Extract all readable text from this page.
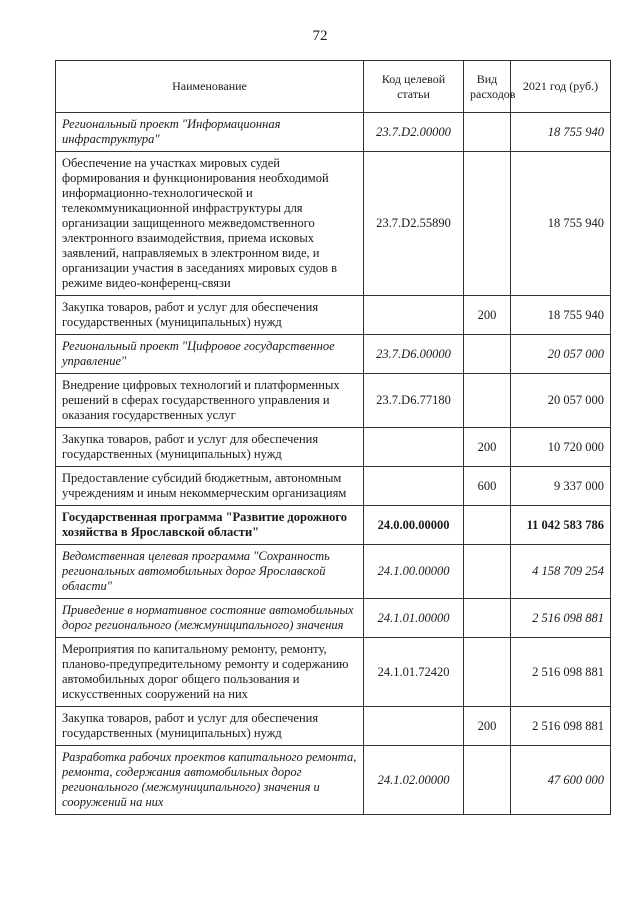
72
Наименование	Код целевой статьи	Вид расходов	2021 год (руб.)
Региональный проект "Информационная инфраструктура"	23.7.D2.00000		18 755 940
Обеспечение на участках мировых судей формирования и функционирования необходимой информационно-технологической и телекоммуникационной инфраструктуры для организации защищенного межведомственного электронного взаимодействия, приема исковых заявлений, направляемых в электронном виде, и организации участия в заседаниях мировых судов в режиме видео-конференц-связи	23.7.D2.55890		18 755 940
Закупка товаров, работ и услуг для обеспечения государственных (муниципальных) нужд		200	18 755 940
Региональный проект "Цифровое государственное управление"	23.7.D6.00000		20 057 000
Внедрение цифровых технологий и платформенных решений в сферах государственного управления и оказания государственных услуг	23.7.D6.77180		20 057 000
Закупка товаров, работ и услуг для обеспечения государственных (муниципальных) нужд		200	10 720 000
Предоставление субсидий бюджетным, автономным учреждениям и иным некоммерческим организациям		600	9 337 000
Государственная программа "Развитие дорожного хозяйства в Ярославской области"	24.0.00.00000		11 042 583 786
Ведомственная целевая программа "Сохранность региональных автомобильных дорог Ярославской области"	24.1.00.00000		4 158 709 254
Приведение в нормативное состояние автомобильных дорог регионального (межмуниципального) значения	24.1.01.00000		2 516 098 881
Мероприятия по капитальному ремонту, ремонту, планово-предупредительному ремонту и содержанию автомобильных дорог общего пользования и искусственных сооружений на них	24.1.01.72420		2 516 098 881
Закупка товаров, работ и услуг для обеспечения государственных (муниципальных) нужд		200	2 516 098 881
Разработка рабочих проектов капитального ремонта, ремонта, содержания автомобильных дорог регионального (межмуниципального) значения и сооружений на них	24.1.02.00000		47 600 000
